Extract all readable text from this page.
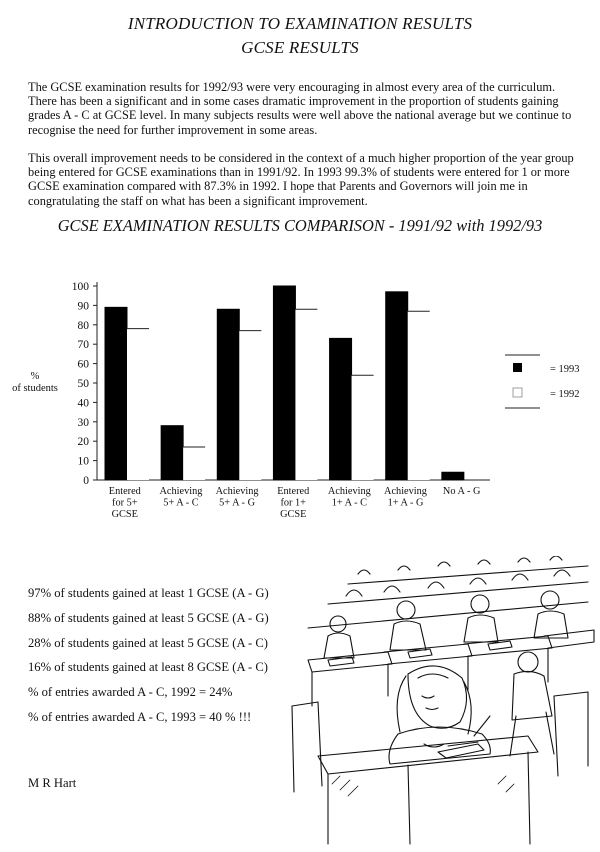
INTRODUCTION TO EXAMINATION RESULTS
GCSE RESULTS
The GCSE examination results for 1992/93 were very encouraging in almost every area of the curriculum. There has been a significant and in some cases dramatic improvement in the proportion of students gaining grades A - C at GCSE level. In many subjects results were well above the national average but we continue to recognise the need for further improvement in some areas.
This overall improvement needs to be considered in the context of a much higher proportion of the year group being entered for GCSE examinations than in 1991/92. In 1993 99.3% of students were entered for 1 or more GCSE examination compared with 87.3% in 1992. I hope that Parents and Governors will join me in congratulating the staff on what has been a significant improvement.
GCSE EXAMINATION RESULTS COMPARISON - 1991/92 with 1992/93
0
10
20
30
40
50
60
70
80
90
100
%
of students
Entered
for 5+
GCSE
Achieving
5+ A - C
Achieving
5+ A - G
Entered
for 1+
GCSE
Achieving
1+ A - C
Achieving
1+ A - G
No A - G
= 1993
= 1992
97% of students gained at least 1 GCSE (A - G)
88% of students gained at least 5 GCSE (A - G)
28% of students gained at least 5 GCSE (A - C)
16% of students gained at least 8 GCSE (A - C)
% of entries awarded A - C, 1992 = 24%
% of entries awarded A - C, 1993 = 40 % !!!
M R Hart
